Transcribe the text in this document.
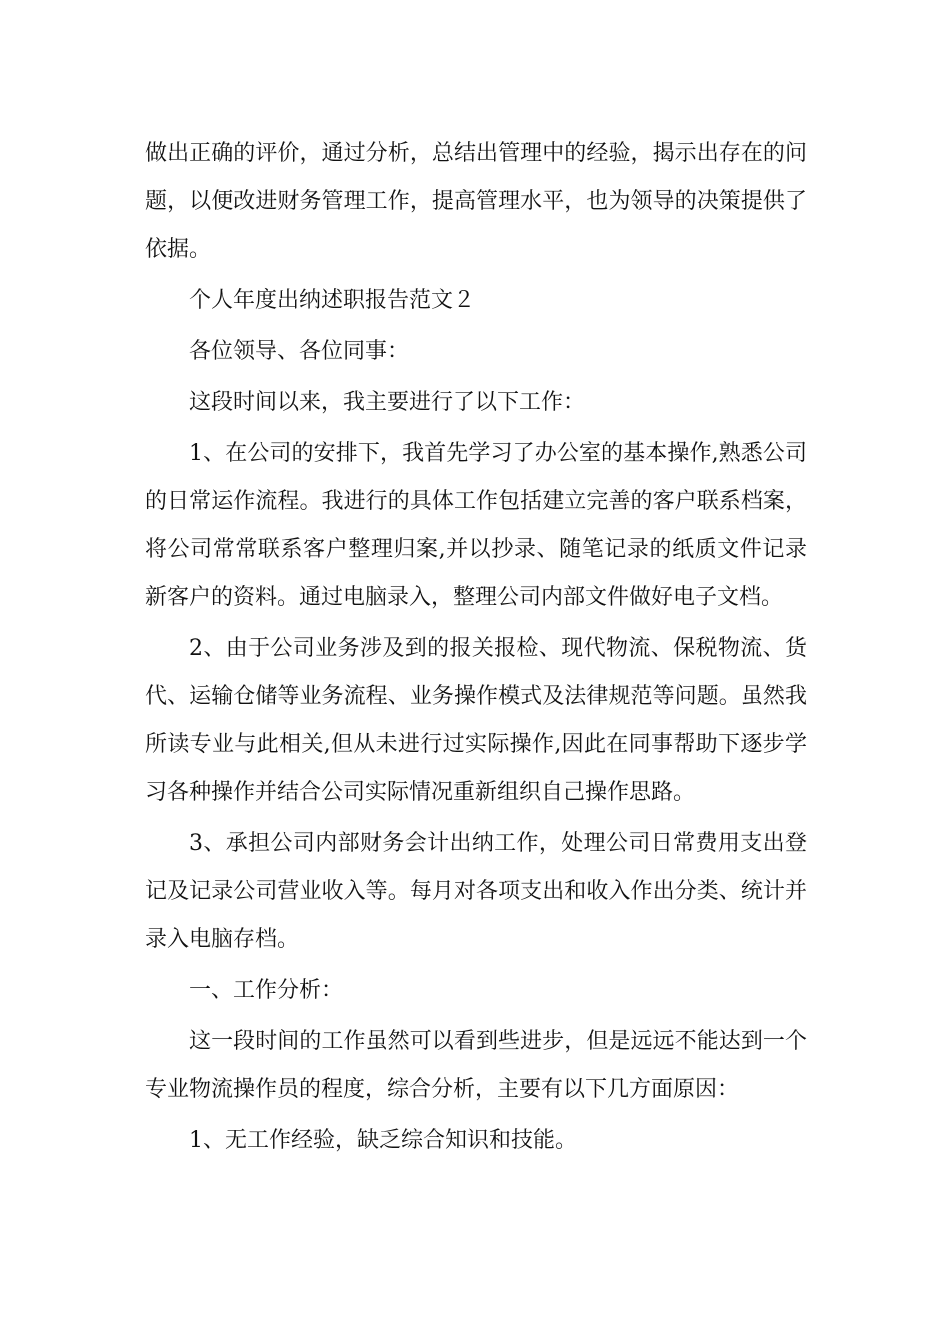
做出正确的评价，通过分析，总结出管理中的经验，揭示出存在的问题，以便改进财务管理工作，提高管理水平，也为领导的决策提供了依据。

个人年度出纳述职报告范文２

各位领导、各位同事：

这段时间以来，我主要进行了以下工作：

1、在公司的安排下，我首先学习了办公室的基本操作,熟悉公司的日常运作流程。我进行的具体工作包括建立完善的客户联系档案，将公司常常联系客户整理归案,并以抄录、随笔记录的纸质文件记录新客户的资料。通过电脑录入，整理公司内部文件做好电子文档。

2、由于公司业务涉及到的报关报检、现代物流、保税物流、货代、运输仓储等业务流程、业务操作模式及法律规范等问题。虽然我所读专业与此相关,但从未进行过实际操作,因此在同事帮助下逐步学习各种操作并结合公司实际情况重新组织自己操作思路。

3、承担公司内部财务会计出纳工作，处理公司日常费用支出登记及记录公司营业收入等。每月对各项支出和收入作出分类、统计并录入电脑存档。

一、工作分析：

这一段时间的工作虽然可以看到些进步，但是远远不能达到一个专业物流操作员的程度，综合分析，主要有以下几方面原因：

1、无工作经验，缺乏综合知识和技能。
